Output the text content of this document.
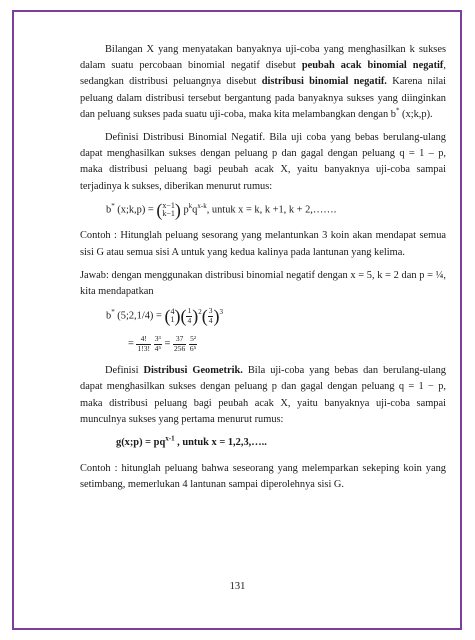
Bilangan X yang menyatakan banyaknya uji-coba yang menghasilkan k sukses dalam suatu percobaan binomial negatif disebut peubah acak binomial negatif, sedangkan distribusi peluangnya disebut distribusi binomial negatif. Karena nilai peluang dalam distribusi tersebut bergantung pada banyaknya sukses yang diinginkan dan peluang sukses pada suatu uji-coba, maka kita melambangkan dengan b* (x;k,p).

Definisi Distribusi Binomial Negatif. Bila uji coba yang bebas berulang-ulang dapat menghasilkan sukses dengan peluang p dan gagal dengan peluang q = 1 – p, maka distribusi peluang bagi peubah acak X, yaitu banyaknya uji-coba sampai terjadinya k sukses, diberikan menurut rumus:

b* (x;k,p) = ( x−1
k−1 ) $p^kq^{x-k}$, untuk x = k, k +1, k + 2,…….

Contoh : Hitunglah peluang sesorang yang melantunkan 3 koin akan mendapat semua sisi G atau semua sisi A untuk yang kedua kalinya pada lantunan yang kelima.

Jawab: dengan menggunakan distribusi binomial negatif dengan x = 5, k = 2 dan p = ¼, kita mendapatkan

b* (5;2,1/4) = ( 4
1 )( $\frac{1}{4} )^2( \frac{3}{4} )^3$
= $\frac{4!}{1!3!}$
$\frac{\text{3³}}{\text{4⁵}} = \frac{37}{256}$
$\frac{\text{5²}}{\text{6⁵}}$

Definisi Distribusi Geometrik. Bila uji-coba yang bebas dan berulang-ulang dapat menghasilkan sukses dengan peluang p dan gagal dengan peluang q = 1 − p, maka distribusi peluang bagi peubah acak X, yaitu banyaknya uji-coba sampai munculnya sukses yang pertama menurut rumus:

g(x;p) = $pq^{x-1}$ , untuk x = 1,2,3,…..

Contoh : hitunglah peluang bahwa seseorang yang melemparkan sekeping koin yang setimbang, memerlukan 4 lantunan sampai diperolehnya sisi G.

131
